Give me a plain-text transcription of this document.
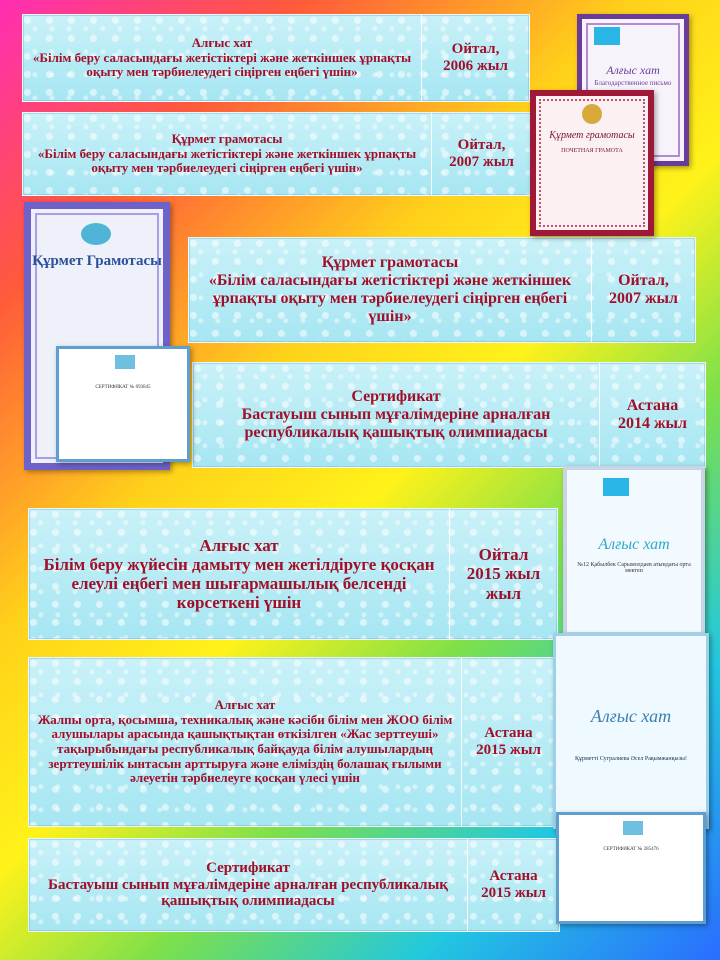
Алғыс хат
«Білім беру саласындағы жетістіктері және жеткіншек ұрпақты оқыту мен тәрбиелеудегі сіңірген еңбегі үшін»
Ойтал,
2006 жыл
Құрмет грамотасы
«Білім беру саласындағы жетістіктері және жеткіншек ұрпақты оқыту мен тәрбиелеудегі сіңірген еңбегі үшін»
Ойтал,
2007 жыл
Құрмет грамотасы
«Білім саласындағы жетістіктері және жеткіншек ұрпақты оқыту мен тәрбиелеудегі сіңірген еңбегі үшін»
Ойтал,
2007 жыл
Сертификат
Бастауыш сынып мұғалімдеріне арналған республикалық қашықтық олимпиадасы
Астана
2014 жыл
Алғыс хат
Білім беру жүйесін дамыту мен жетілдіруге қосқан елеулі еңбегі мен шығармашылық белсенді көрсеткені үшін
Ойтал
2015 жыл жыл
Алғыс хат
Жалпы орта, қосымша, техникалық және кәсіби білім мен ЖОО білім алушылары арасында қашықтықтан өткізілген «Жас зерттеуші» тақырыбындағы республикалық байқауда білім алушылардың зерттеушілік ынтасын арттыруға және еліміздің болашақ ғылыми әлеуетін тәрбиелеуге қосқан үлесі үшін
Астана
2015 жыл
Сертификат
Бастауыш сынып мұғалімдеріне арналған республикалық қашықтық олимпиадасы
Астана
2015 жыл
Алғыс хат
Благодарственное письмо
Құрмет грамотасы
ПОЧЕТНАЯ ГРАМОТА
Құрмет Грамотасы
СЕРТИФИКАТ № 093845
Алғыс хат
№12 Қабылбек Сарымолдаев атындағы орта мектеп
Алғыс хат
Құрметті Сугралиева Әсел Рақымжанқызы!
СЕРТИФИКАТ № 285476
